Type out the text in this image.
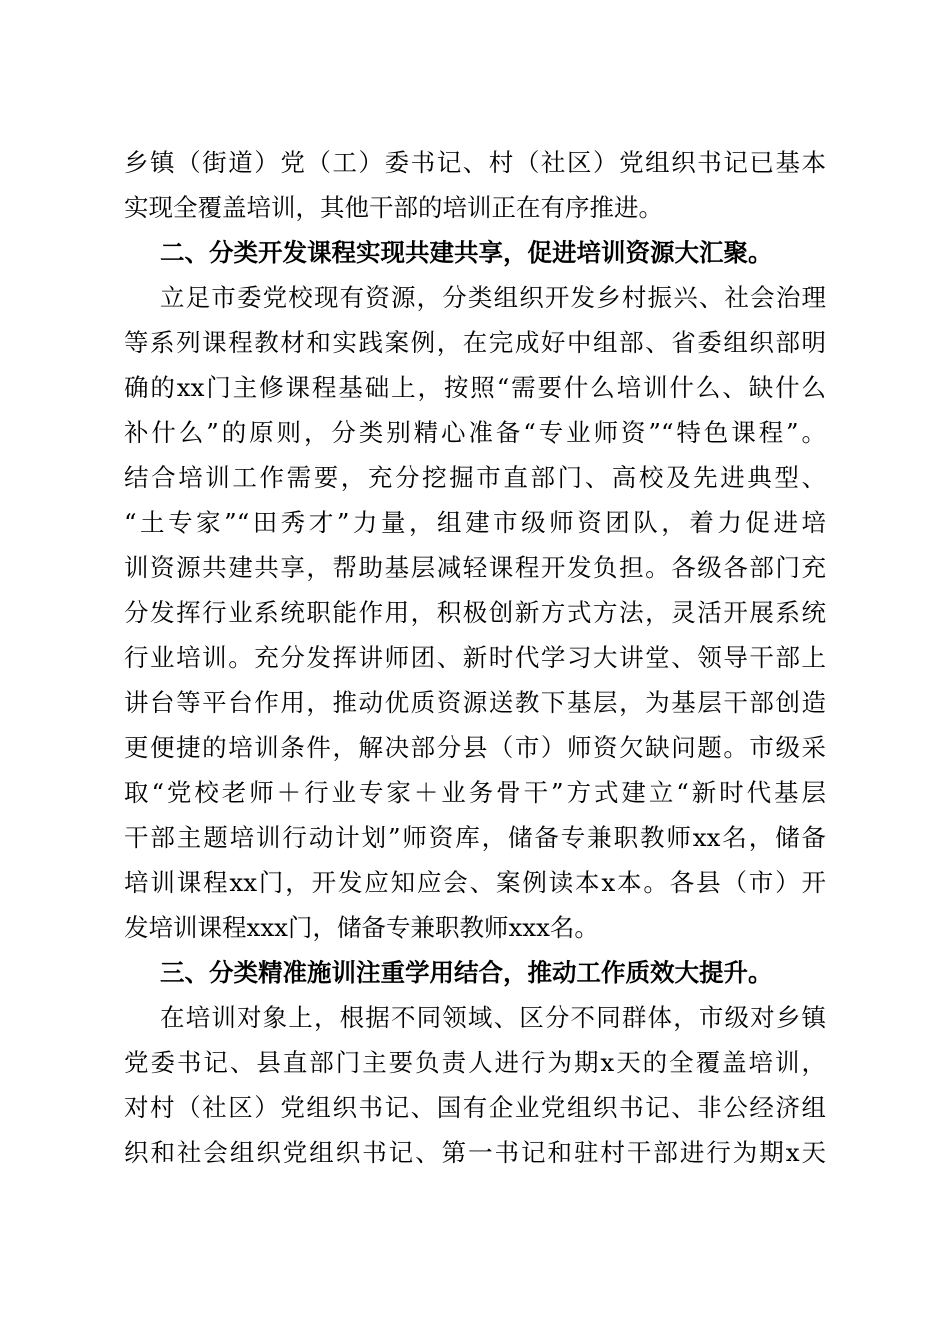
乡镇（街道）党（工）委书记、村（社区）党组织书记已基本
实现全覆盖培训，其他干部的培训正在有序推进。
二、分类开发课程实现共建共享，促进培训资源大汇聚。
立足市委党校现有资源，分类组织开发乡村振兴、社会治理
等系列课程教材和实践案例，在完成好中组部、省委组织部明
确的xx门主修课程基础上，按照“需要什么培训什么、缺什么
补什么”的原则，分类别精心准备“专业师资”“特色课程”。
结合培训工作需要，充分挖掘市直部门、高校及先进典型、
“土专家”“田秀才”力量，组建市级师资团队，着力促进培
训资源共建共享，帮助基层减轻课程开发负担。各级各部门充
分发挥行业系统职能作用，积极创新方式方法，灵活开展系统
行业培训。充分发挥讲师团、新时代学习大讲堂、领导干部上
讲台等平台作用，推动优质资源送教下基层，为基层干部创造
更便捷的培训条件，解决部分县（市）师资欠缺问题。市级采
取“党校老师＋行业专家＋业务骨干”方式建立“新时代基层
干部主题培训行动计划”师资库，储备专兼职教师xx名，储备
培训课程xx门，开发应知应会、案例读本x本。各县（市）开
发培训课程xxx门，储备专兼职教师xxx名。
三、分类精准施训注重学用结合，推动工作质效大提升。
在培训对象上，根据不同领域、区分不同群体，市级对乡镇
党委书记、县直部门主要负责人进行为期x天的全覆盖培训，
对村（社区）党组织书记、国有企业党组织书记、非公经济组
织和社会组织党组织书记、第一书记和驻村干部进行为期x天
